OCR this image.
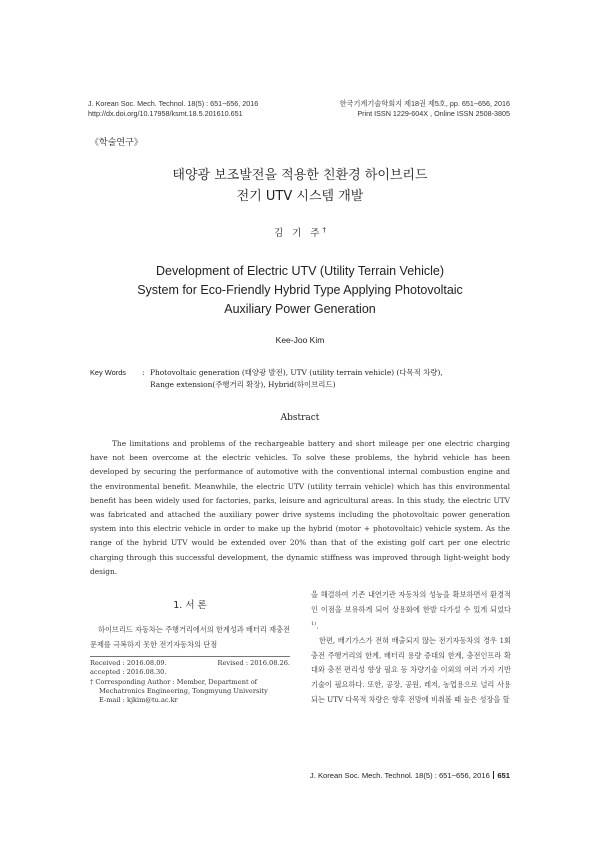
J. Korean Soc. Mech. Technol. 18(5) : 651~656, 2016
http://dx.doi.org/10.17958/ksmt.18.5.201610.651
한국기계기술학회지 제18권 제5호, pp. 651~656, 2016
Print ISSN 1229-604X , Online ISSN 2508-3805
《학술연구》
태양광 보조발전을 적용한 친환경 하이브리드
전기 UTV 시스템 개발
김 기 주†
Development of Electric UTV (Utility Terrain Vehicle)
System for Eco-Friendly Hybrid Type Applying Photovoltaic
Auxiliary Power Generation
Kee-Joo Kim
Key Words : Photovoltaic generation (태양광 발전), UTV (utility terrain vehicle) (다목적 차량),
Range extension(주행거리 확장), Hybrid(하이브리드)
Abstract
The limitations and problems of the rechargeable battery and short mileage per one electric charging have not been overcome at the electric vehicles. To solve these problems, the hybrid vehicle has been developed by securing the performance of automotive with the conventional internal combustion engine and the environmental benefit. Meanwhile, the electric UTV (utility terrain vehicle) which has this environmental benefit has been widely used for factories, parks, leisure and agricultural areas. In this study, the electric UTV was fabricated and attached the auxiliary power drive systems including the photovoltaic power generation system into this electric vehicle in order to make up the hybrid (motor + photovoltaic) vehicle system. As the range of the hybrid UTV would be extended over 20% than that of the existing golf cart per one electric charging through this successful development, the dynamic stiffness was improved through light-weight body design.
1. 서 론
하이브리드 자동차는 주행거리에서의 한계성과 배터리 재충전 문제를 극복하지 못한 전기자동차의 단점
Received : 2016.08.09.	Revised : 2016.08.26.
accepted : 2016.08.30.
† Corresponding Author : Member, Department of
Mechatronics Engineering, Tongmyung University
E-mail : kjkim@tu.ac.kr

을 해결하여 기존 내연기관 자동차의 성능을 확보하면서 환경적인 이점을 보유하게 되어 상용화에 한발 다가설 수 있게 되었다$^{1)}$.

한편, 배기가스가 전혀 배출되지 않는 전기자동차의 경우 1회 충전 주행거리의 한계, 배터리 용량 증대의 한계, 충전인프라 확대와 충전 편리성 향상 필요 등 차량기술 이외의 여러 가지 기반기술이 필요하다. 또한, 공장, 공원, 레저, 농업용으로 널리 사용되는 UTV 다목적 차량은 향후 전망에 비춰볼 때 높은 성장을 할

J. Korean Soc. Mech. Technol. 18(5) : 651~656, 2016 651
